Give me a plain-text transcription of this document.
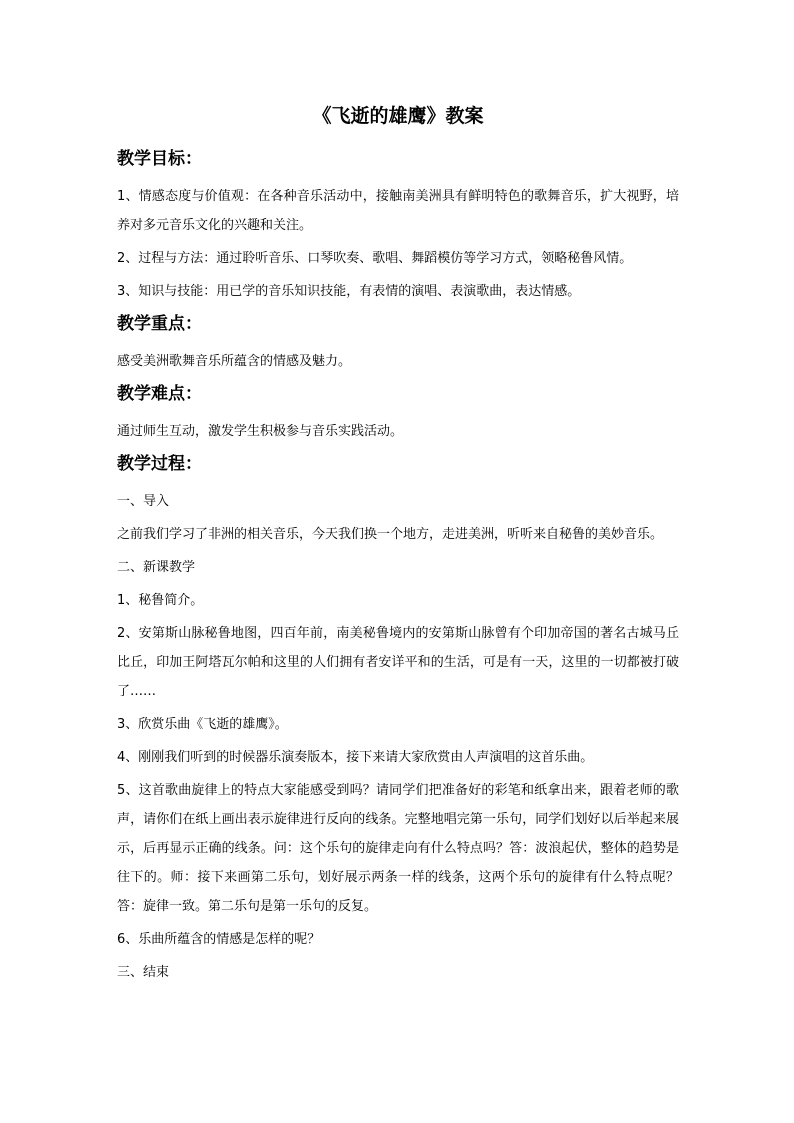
《飞逝的雄鹰》教案
教学目标：
1、情感态度与价值观：在各种音乐活动中，接触南美洲具有鲜明特色的歌舞音乐，扩大视野，培养对多元音乐文化的兴趣和关注。
2、过程与方法：通过聆听音乐、口琴吹奏、歌唱、舞蹈模仿等学习方式，领略秘鲁风情。
3、知识与技能：用已学的音乐知识技能，有表情的演唱、表演歌曲，表达情感。
教学重点：
感受美洲歌舞音乐所蕴含的情感及魅力。
教学难点：
通过师生互动，激发学生积极参与音乐实践活动。
教学过程：
一、导入
之前我们学习了非洲的相关音乐，今天我们换一个地方，走进美洲，听听来自秘鲁的美妙音乐。
二、新课教学
1、秘鲁简介。
2、安第斯山脉秘鲁地图，四百年前，南美秘鲁境内的安第斯山脉曾有个印加帝国的著名古城马丘比丘，印加王阿塔瓦尔帕和这里的人们拥有者安详平和的生活，可是有一天，这里的一切都被打破了……
3、欣赏乐曲《飞逝的雄鹰》。
4、刚刚我们听到的时候器乐演奏版本，接下来请大家欣赏由人声演唱的这首乐曲。
5、这首歌曲旋律上的特点大家能感受到吗？请同学们把准备好的彩笔和纸拿出来，跟着老师的歌声，请你们在纸上画出表示旋律进行反向的线条。完整地唱完第一乐句，同学们划好以后举起来展示，后再显示正确的线条。问：这个乐句的旋律走向有什么特点吗？答：波浪起伏，整体的趋势是往下的。师：接下来画第二乐句，划好展示两条一样的线条，这两个乐句的旋律有什么特点呢？答：旋律一致。第二乐句是第一乐句的反复。
6、乐曲所蕴含的情感是怎样的呢？
三、结束
